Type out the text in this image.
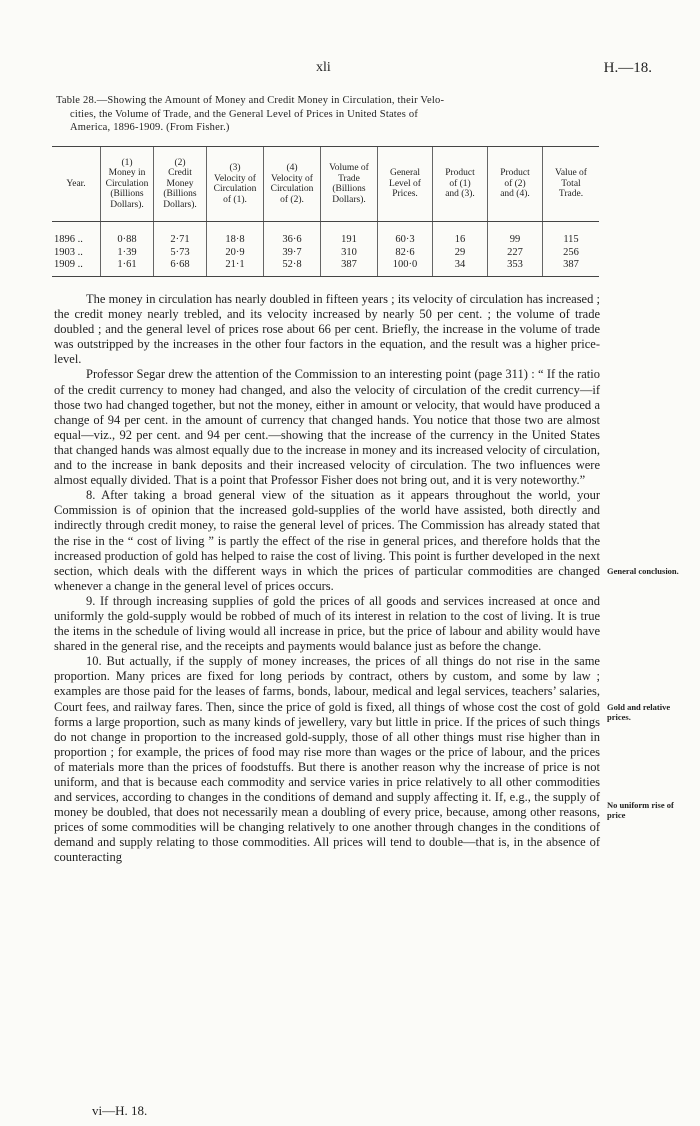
xli	H.—18.
Table 28.—Showing the Amount of Money and Credit Money in Circulation, their Velo-
cities, the Volume of Trade, and the General Level of Prices in United States of
America, 1896-1909. (From Fisher.)
Year.	(1)
Money in
Circulation
(Billions
Dollars).	(2)
Credit
Money
(Billions
Dollars).	(3)
Velocity of
Circulation
of (1).	(4)
Velocity of
Circulation
of (2).	Volume of
Trade
(Billions
Dollars).	General
Level of
Prices.	Product
of (1)
and (3).	Product
of (2)
and (4).	Value of
Total
Trade.

1896 ..	0·88	2·71	18·8	36·6	191	60·3	16	99	115
1903 ..	1·39	5·73	20·9	39·7	310	82·6	29	227	256
1909 ..	1·61	6·68	21·1	52·8	387	100·0	34	353	387

The money in circulation has nearly doubled in fifteen years ; its velocity of circulation has increased ; the credit money nearly trebled, and its velocity increased by nearly 50 per cent. ; the volume of trade doubled ; and the general level of prices rose about 66 per cent. Briefly, the increase in the volume of trade was outstripped by the increases in the other four factors in the equation, and the result was a higher price-level.

Professor Segar drew the attention of the Commission to an interesting point (page 311) : “ If the ratio of the credit currency to money had changed, and also the velocity of circulation of the credit currency—if those two had changed together, but not the money, either in amount or velocity, that would have produced a change of 94 per cent. in the amount of currency that changed hands. You notice that those two are almost equal—viz., 92 per cent. and 94 per cent.—showing that the increase of the currency in the United States that changed hands was almost equally due to the increase in money and its increased velocity of circulation, and to the increase in bank deposits and their increased velocity of circulation. The two influences were almost equally divided. That is a point that Professor Fisher does not bring out, and it is very noteworthy.”

8. After taking a broad general view of the situation as it appears throughout the world, your Commission is of opinion that the increased gold-supplies of the world have assisted, both directly and indirectly through credit money, to raise the general level of prices. The Commission has already stated that the rise in the “ cost of living ” is partly the effect of the rise in general prices, and therefore holds that the increased production of gold has helped to raise the cost of living. This point is further developed in the next section, which deals with the different ways in which the prices of particular commodities are changed whenever a change in the general level of prices occurs.

9. If through increasing supplies of gold the prices of all goods and services increased at once and uniformly the gold-supply would be robbed of much of its interest in relation to the cost of living. It is true the items in the schedule of living would all increase in price, but the price of labour and ability would have shared in the general rise, and the receipts and payments would balance just as before the change.

10. But actually, if the supply of money increases, the prices of all things do not rise in the same proportion. Many prices are fixed for long periods by contract, others by custom, and some by law ; examples are those paid for the leases of farms, bonds, labour, medical and legal services, teachers’ salaries, Court fees, and railway fares. Then, since the price of gold is fixed, all things of whose cost the cost of gold forms a large proportion, such as many kinds of jewellery, vary but little in price. If the prices of such things do not change in proportion to the increased gold-supply, those of all other things must rise higher than in proportion ; for example, the prices of food may rise more than wages or the price of labour, and the prices of materials more than the prices of foodstuffs. But there is another reason why the increase of price is not uniform, and that is because each commodity and service varies in price relatively to all other commodities and services, according to changes in the conditions of demand and supply affecting it. If, e.g., the supply of money be doubled, that does not necessarily mean a doubling of every price, because, among other reasons, prices of some commodities will be changing relatively to one another through changes in the conditions of demand and supply relating to those commodities. All prices will tend to double—that is, in the absence of counteracting

General conclusion.
Gold and relative prices.
No uniform rise of price
vi—H. 18.
